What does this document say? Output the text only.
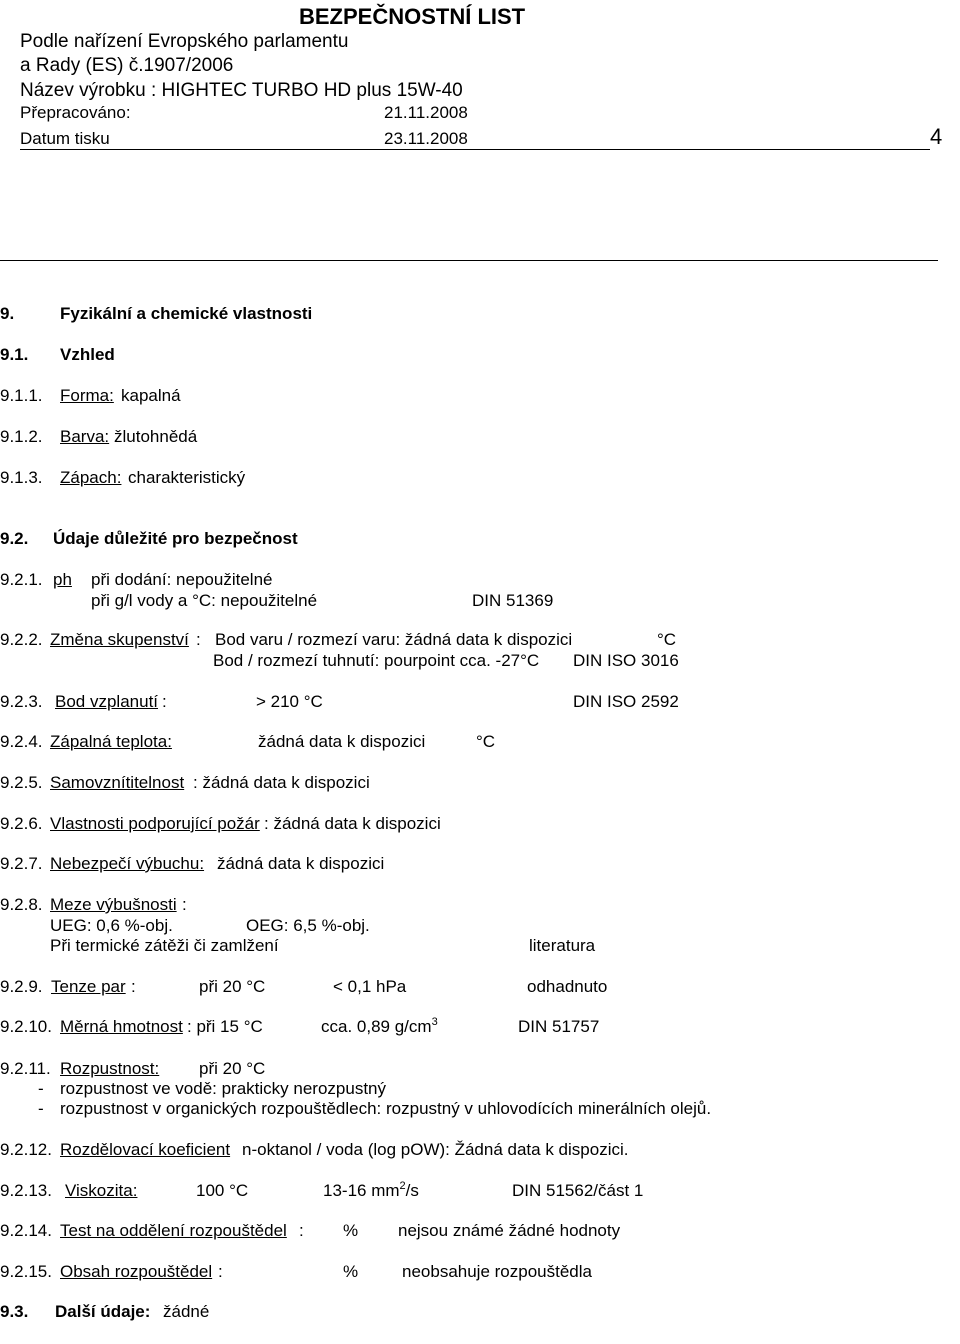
BEZPEČNOSTNÍ LIST
Podle nařízení Evropského parlamentu
a Rady (ES) č.1907/2006
Název výrobku : HIGHTEC TURBO HD plus 15W-40
Přepracováno:	21.11.2008
Datum tisku	23.11.2008	4
9.	Fyzikální a chemické vlastnosti
9.1. Vzhled
9.1.1. Forma: kapalná
9.1.2. Barva: žlutohnědá
9.1.3. Zápach: charakteristický
9.2. Údaje důležité pro bezpečnost
9.2.1. ph při dodání: nepoužitelné
při g/l vody a °C: nepoužitelné	DIN 51369
9.2.2. Změna skupenství : Bod varu / rozmezí varu: žádná data k dispozici	°C
Bod / rozmezí tuhnutí: pourpoint cca. -27°C DIN ISO 3016
9.2.3. Bod vzplanutí :	> 210 °C	DIN ISO 2592
9.2.4. Zápalná teplota:	žádná data k dispozici	°C
9.2.5. Samovznítitelnost : žádná data k dispozici
9.2.6. Vlastnosti podporující požár : žádná data k dispozici
9.2.7. Nebezpečí výbuchu: žádná data k dispozici
9.2.8. Meze výbušnosti :
UEG: 0,6 %-obj.	OEG: 6,5 %-obj.
Při termické zátěži či zamlžení	literatura
9.2.9. Tenze par :	při 20 °C	< 0,1 hPa	odhadnuto
9.2.10. Měrná hmotnost : při 15 °C	cca. 0,89 $g/cm^3$	DIN 51757
9.2.11. Rozpustnost: při 20 °C
- rozpustnost ve vodě: prakticky nerozpustný
- rozpustnost v organických rozpouštědlech: rozpustný v uhlovodících minerálních olejů.
9.2.12. Rozdělovací koeficient n-oktanol / voda (log pOW): Žádná data k dispozici.
9.2.13. Viskozita:	100 °C	13-16 $mm^2/s$	DIN 51562/část 1
9.2.14. Test na oddělení rozpouštědel : % nejsou známé žádné hodnoty
9.2.15. Obsah rozpouštědel :	%	neobsahuje rozpouštědla
9.3. Další údaje: žádné
